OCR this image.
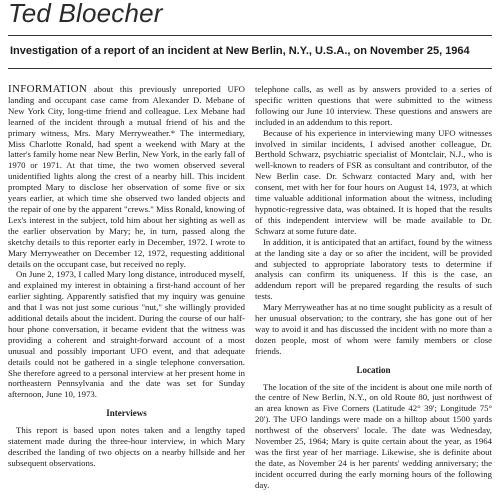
Ted Bloecher
Investigation of a report of an incident at New Berlin, N.Y., U.S.A., on November 25, 1964

INFORMATION about this previously unreported UFO landing and occupant case came from Alexander D. Mebane of New York City, long-time friend and colleague. Lex Mebane had learned of the incident through a mutual friend of his and the primary witness, Mrs. Mary Merryweather.* The intermediary, Miss Charlotte Ronald, had spent a weekend with Mary at the latter's family home near New Berlin, New York, in the early fall of 1970 or 1971. At that time, the two women observed several unidentified lights along the crest of a nearby hill. This incident prompted Mary to disclose her observation of some five or six years earlier, at which time she observed two landed objects and the repair of one by the apparent "crews." Miss Ronald, knowing of Lex's interest in the subject, told him about her sighting as well as the earlier observation by Mary; he, in turn, passed along the sketchy details to this reporter early in December, 1972. I wrote to Mary Merryweather on December 12, 1972, requesting additional details on the occupant case, but received no reply.

On June 2, 1973, I called Mary long distance, introduced myself, and explained my interest in obtaining a first-hand account of her earlier sighting. Apparently satisfied that my inquiry was genuine and that I was not just some curious "nut," she willingly provided additional details about the incident. During the course of our half-hour phone conversation, it became evident that the witness was providing a coherent and straight-forward account of a most unusual and possibly important UFO event, and that adequate details could not be gathered in a single telephone conversation. She therefore agreed to a personal interview at her present home in northeastern Pennsylvania and the date was set for Sunday afternoon, June 10, 1973.

Interviews

This report is based upon notes taken and a lengthy taped statement made during the three-hour interview, in which Mary described the landing of two objects on a nearby hillside and her subsequent observations.

telephone calls, as well as by answers provided to a series of specific written questions that were submitted to the witness following our June 10 interview. These questions and answers are included in an addendum to this report.

Because of his experience in interviewing many UFO witnesses involved in similar incidents, I advised another colleague, Dr. Berthold Schwarz, psychiatric specialist of Montclair, N.J., who is well-known to readers of FSR as consultant and contributor, of the New Berlin case. Dr. Schwarz contacted Mary and, with her consent, met with her for four hours on August 14, 1973, at which time valuable additional information about the witness, including hypnotic-regressive data, was obtained. It is hoped that the results of this independent interview will be made available to Dr. Schwarz at some future date.

In addition, it is anticipated that an artifact, found by the witness at the landing site a day or so after the incident, will be provided and subjected to appropriate laboratory tests to determine if analysis can confirm its uniqueness. If this is the case, an addendum report will be prepared regarding the results of such tests.

Mary Merryweather has at no time sought publicity as a result of her unusual observation; to the contrary, she has gone out of her way to avoid it and has discussed the incident with no more than a dozen people, most of whom were family members or close friends.

Location

The location of the site of the incident is about one mile north of the centre of New Berlin, N.Y., on old Route 80, just northwest of an area known as Five Corners (Latitude 42° 39'; Longitude 75° 20'). The UFO landings were made on a hilltop about 1500 yards northwest of the observers' locale. The date was Wednesday, November 25, 1964; Mary is quite certain about the year, as 1964 was the first year of her marriage. Likewise, she is definite about the date, as November 24 is her parents' wedding anniversary; the incident occurred during the early morning hours of the following day.
